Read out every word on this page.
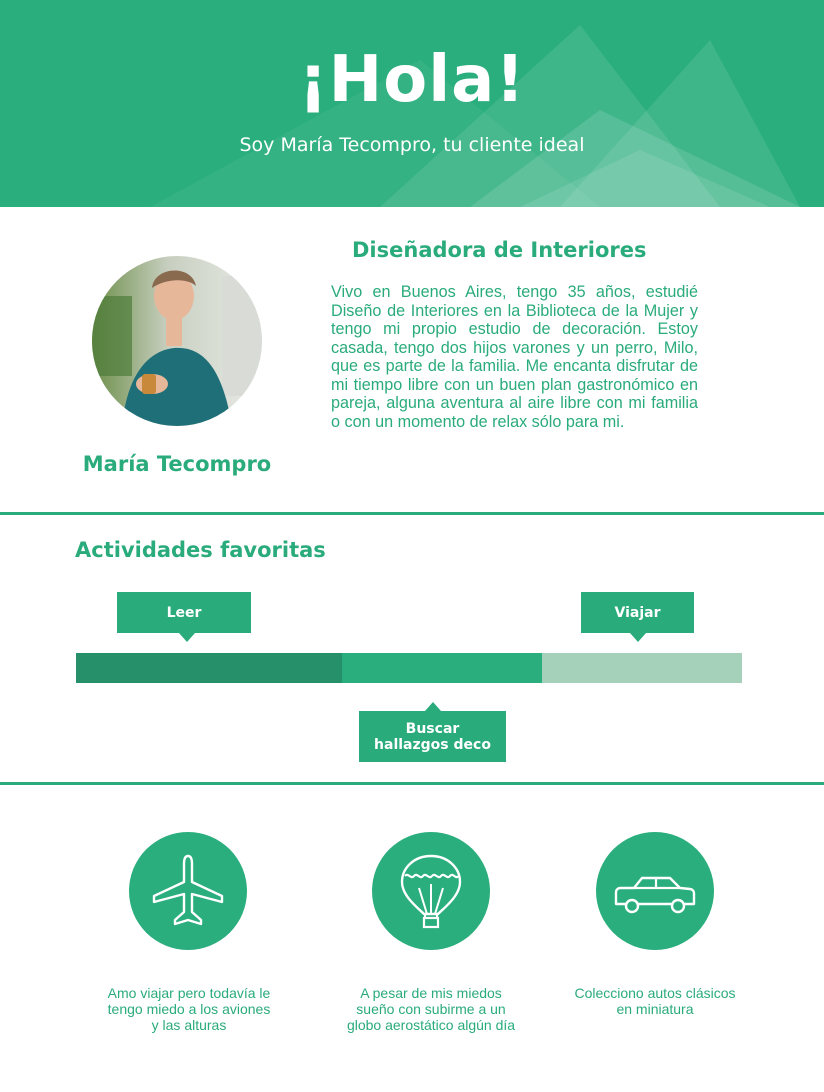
¡Hola!
Soy María Tecompro, tu cliente ideal
María Tecompro
Diseñadora de Interiores
Vivo en Buenos Aires, tengo 35 años, estudié Diseño de Interiores en la Biblioteca de la Mujer y tengo mi propio estudio de decoración. Estoy casada, tengo dos hijos varones y un perro, Milo, que es parte de la familia. Me encanta disfrutar de mi tiempo libre con un buen plan gastronómico en pareja, alguna aventura al aire libre con mi familia o con un momento de relax sólo para mi.
Actividades favoritas
Leer	Viajar
Buscar
hallazgos deco
Amo viajar pero todavía le tengo miedo a los aviones y las alturas
A pesar de mis miedos sueño con subirme a un globo aerostático algún día
Colecciono autos clásicos en miniatura
